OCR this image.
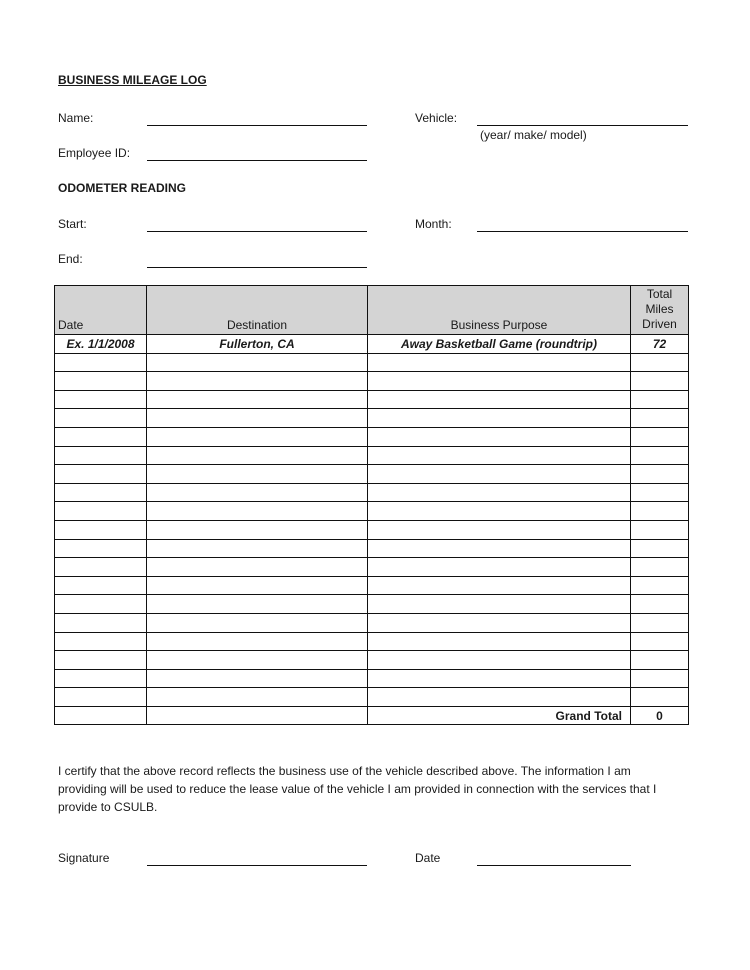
BUSINESS MILEAGE LOG
Name:	Vehicle:
(year/ make/ model)
Employee ID:
ODOMETER READING
Start:	Month:
End:
Date	Destination	Business Purpose	Total
Miles
Driven

Ex. 1/1/2008	Fullerton, CA	Away Basketball Game (roundtrip)	72

		Grand Total	0
I certify that the above record reflects the business use of the vehicle described above. The information I am providing will be used to reduce the lease value of the vehicle I am provided in connection with the services that I provide to CSULB.
Signature	Date
